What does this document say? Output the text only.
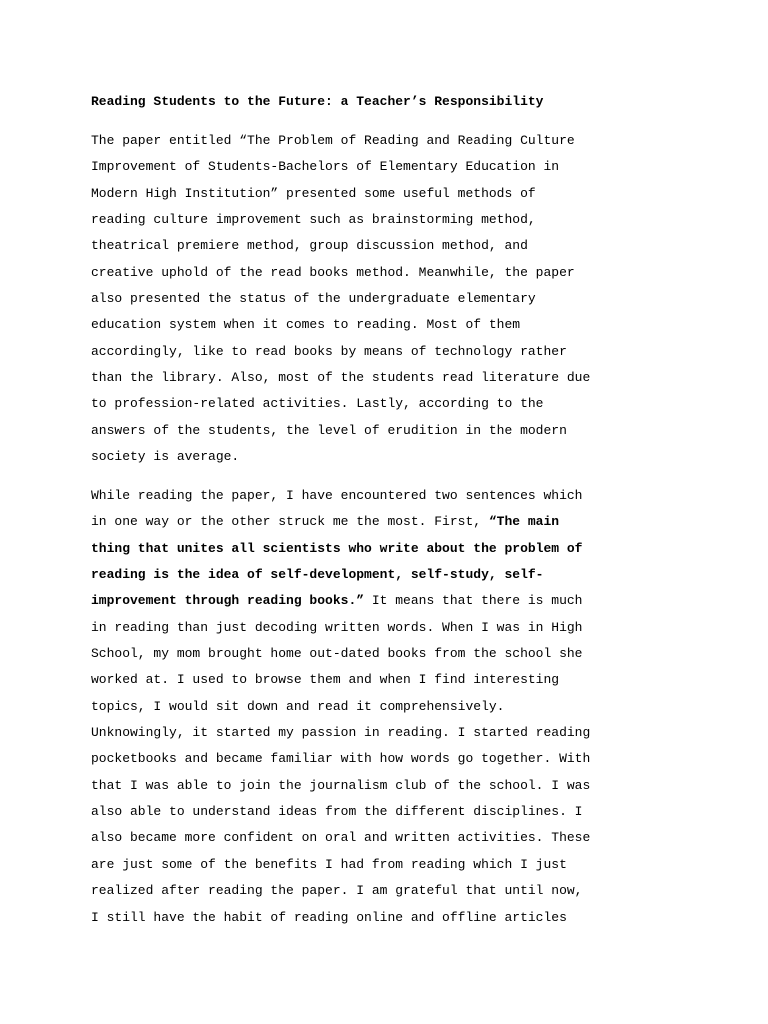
Reading Students to the Future: a Teacher’s Responsibility

The paper entitled “The Problem of Reading and Reading Culture
Improvement of Students-Bachelors of Elementary Education in
Modern High Institution” presented some useful methods of
reading culture improvement such as brainstorming method,
theatrical premiere method, group discussion method, and
creative uphold of the read books method. Meanwhile, the paper
also presented the status of the undergraduate elementary
education system when it comes to reading. Most of them
accordingly, like to read books by means of technology rather
than the library. Also, most of the students read literature due
to profession-related activities. Lastly, according to the
answers of the students, the level of erudition in the modern
society is average.

While reading the paper, I have encountered two sentences which
in one way or the other struck me the most. First, “The main
thing that unites all scientists who write about the problem of
reading is the idea of self-development, self-study, self-
improvement through reading books.” It means that there is much
in reading than just decoding written words. When I was in High
School, my mom brought home out-dated books from the school she
worked at. I used to browse them and when I find interesting
topics, I would sit down and read it comprehensively.
Unknowingly, it started my passion in reading. I started reading
pocketbooks and became familiar with how words go together. With
that I was able to join the journalism club of the school. I was
also able to understand ideas from the different disciplines. I
also became more confident on oral and written activities. These
are just some of the benefits I had from reading which I just
realized after reading the paper. I am grateful that until now,
I still have the habit of reading online and offline articles
